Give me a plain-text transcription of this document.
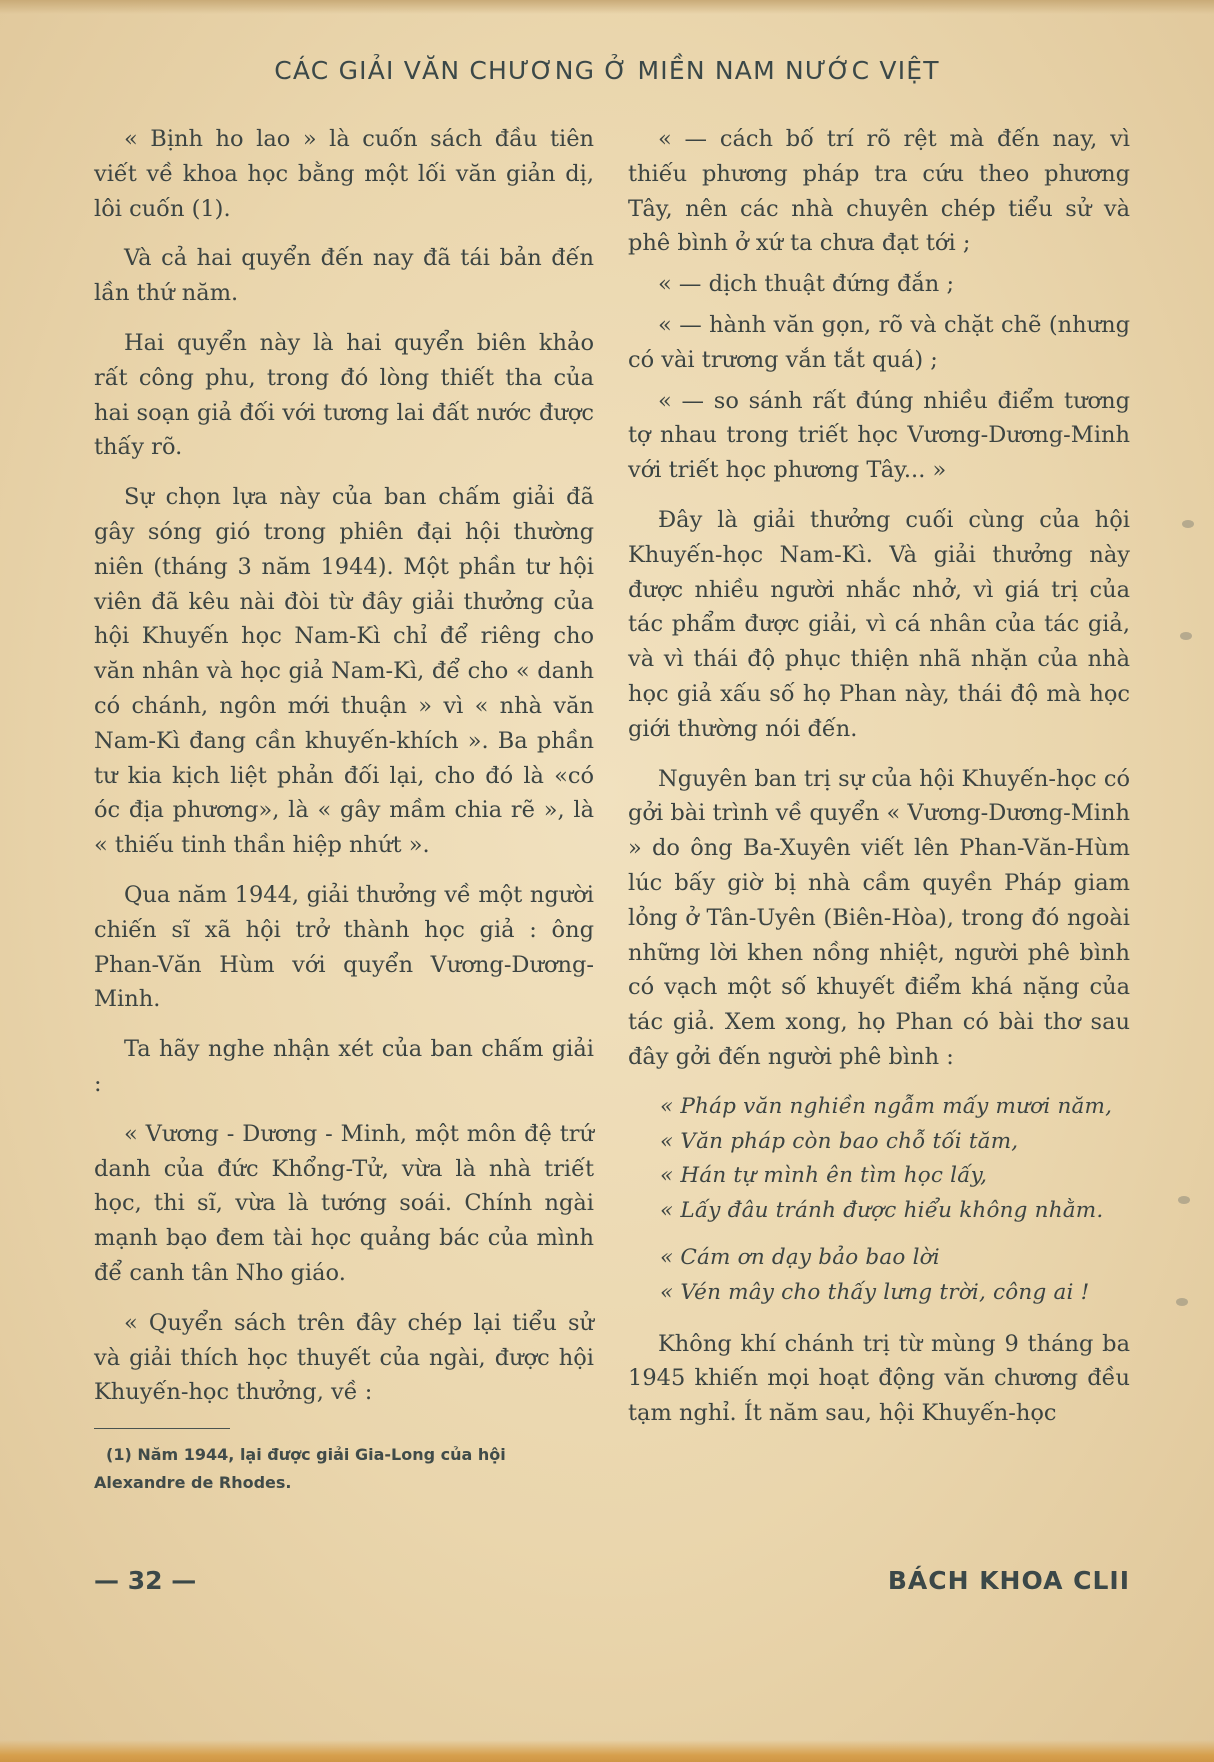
CÁC GIẢI VĂN CHƯƠNG Ở MIỀN NAM NƯỚC VIỆT

« Bịnh ho lao » là cuốn sách đầu tiên viết về khoa học bằng một lối văn giản dị, lôi cuốn (1).

Và cả hai quyển đến nay đã tái bản đến lần thứ năm.

Hai quyển này là hai quyển biên khảo rất công phu, trong đó lòng thiết tha của hai soạn giả đối với tương lai đất nước được thấy rõ.

Sự chọn lựa này của ban chấm giải đã gây sóng gió trong phiên đại hội thường niên (tháng 3 năm 1944). Một phần tư hội viên đã kêu nài đòi từ đây giải thưởng của hội Khuyến học Nam-Kì chỉ để riêng cho văn nhân và học giả Nam-Kì, để cho « danh có chánh, ngôn mới thuận » vì « nhà văn Nam-Kì đang cần khuyến-khích ». Ba phần tư kia kịch liệt phản đối lại, cho đó là «có óc địa phương», là « gây mầm chia rẽ », là « thiếu tinh thần hiệp nhứt ».

Qua năm 1944, giải thưởng về một người chiến sĩ xã hội trở thành học giả : ông Phan-Văn Hùm với quyển Vương-Dương-Minh.

Ta hãy nghe nhận xét của ban chấm giải :

« Vương - Dương - Minh, một môn đệ trứ danh của đức Khổng-Tử, vừa là nhà triết học, thi sĩ, vừa là tướng soái. Chính ngài mạnh bạo đem tài học quảng bác của mình để canh tân Nho giáo.

« Quyển sách trên đây chép lại tiểu sử và giải thích học thuyết của ngài, được hội Khuyến-học thưởng, về :

(1) Năm 1944, lại được giải Gia-Long của hội Alexandre de Rhodes.

« — cách bố trí rõ rệt mà đến nay, vì thiếu phương pháp tra cứu theo phương Tây, nên các nhà chuyên chép tiểu sử và phê bình ở xứ ta chưa đạt tới ;

« — dịch thuật đứng đắn ;

« — hành văn gọn, rõ và chặt chẽ (nhưng có vài trương vắn tắt quá) ;

« — so sánh rất đúng nhiều điểm tương tợ nhau trong triết học Vương-Dương-Minh với triết học phương Tây... »

Đây là giải thưởng cuối cùng của hội Khuyến-học Nam-Kì. Và giải thưởng này được nhiều người nhắc nhở, vì giá trị của tác phẩm được giải, vì cá nhân của tác giả, và vì thái độ phục thiện nhã nhặn của nhà học giả xấu số họ Phan này, thái độ mà học giới thường nói đến.

Nguyên ban trị sự của hội Khuyến-học có gởi bài trình về quyển « Vương-Dương-Minh » do ông Ba-Xuyên viết lên Phan-Văn-Hùm lúc bấy giờ bị nhà cầm quyền Pháp giam lỏng ở Tân-Uyên (Biên-Hòa), trong đó ngoài những lời khen nồng nhiệt, người phê bình có vạch một số khuyết điểm khá nặng của tác giả. Xem xong, họ Phan có bài thơ sau đây gởi đến người phê bình :

« Pháp văn nghiền ngẫm mấy mươi năm,

« Văn pháp còn bao chỗ tối tăm,

« Hán tự mình ên tìm học lấy,

« Lấy đâu tránh được hiểu không nhằm.

« Cám ơn dạy bảo bao lời

« Vén mây cho thấy lưng trời, công ai !

Không khí chánh trị từ mùng 9 tháng ba 1945 khiến mọi hoạt động văn chương đều tạm nghỉ. Ít năm sau, hội Khuyến-học

— 32 —	BÁCH KHOA CLII
